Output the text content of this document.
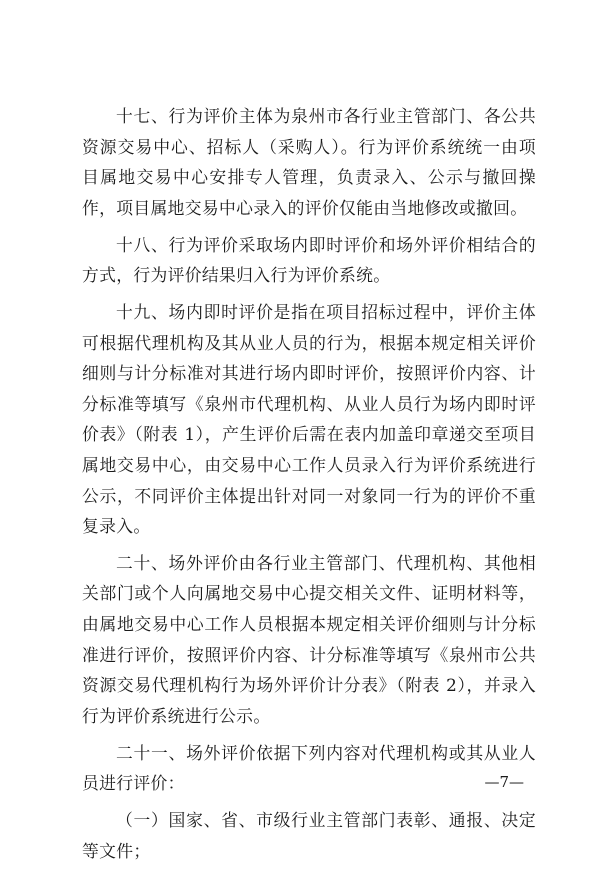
十七、行为评价主体为泉州市各行业主管部门、各公共资源交易中心、招标人（采购人）。行为评价系统统一由项目属地交易中心安排专人管理，负责录入、公示与撤回操作，项目属地交易中心录入的评价仅能由当地修改或撤回。

十八、行为评价采取场内即时评价和场外评价相结合的方式，行为评价结果归入行为评价系统。

十九、场内即时评价是指在项目招标过程中，评价主体可根据代理机构及其从业人员的行为，根据本规定相关评价细则与计分标准对其进行场内即时评价，按照评价内容、计分标准等填写《泉州市代理机构、从业人员行为场内即时评价表》（附表 1），产生评价后需在表内加盖印章递交至项目属地交易中心，由交易中心工作人员录入行为评价系统进行公示，不同评价主体提出针对同一对象同一行为的评价不重复录入。

二十、场外评价由各行业主管部门、代理机构、其他相关部门或个人向属地交易中心提交相关文件、证明材料等，由属地交易中心工作人员根据本规定相关评价细则与计分标准进行评价，按照评价内容、计分标准等填写《泉州市公共资源交易代理机构行为场外评价计分表》（附表 2），并录入行为评价系统进行公示。

二十一、场外评价依据下列内容对代理机构或其从业人员进行评价：

（一）国家、省、市级行业主管部门表彰、通报、决定等文件；

—7—
